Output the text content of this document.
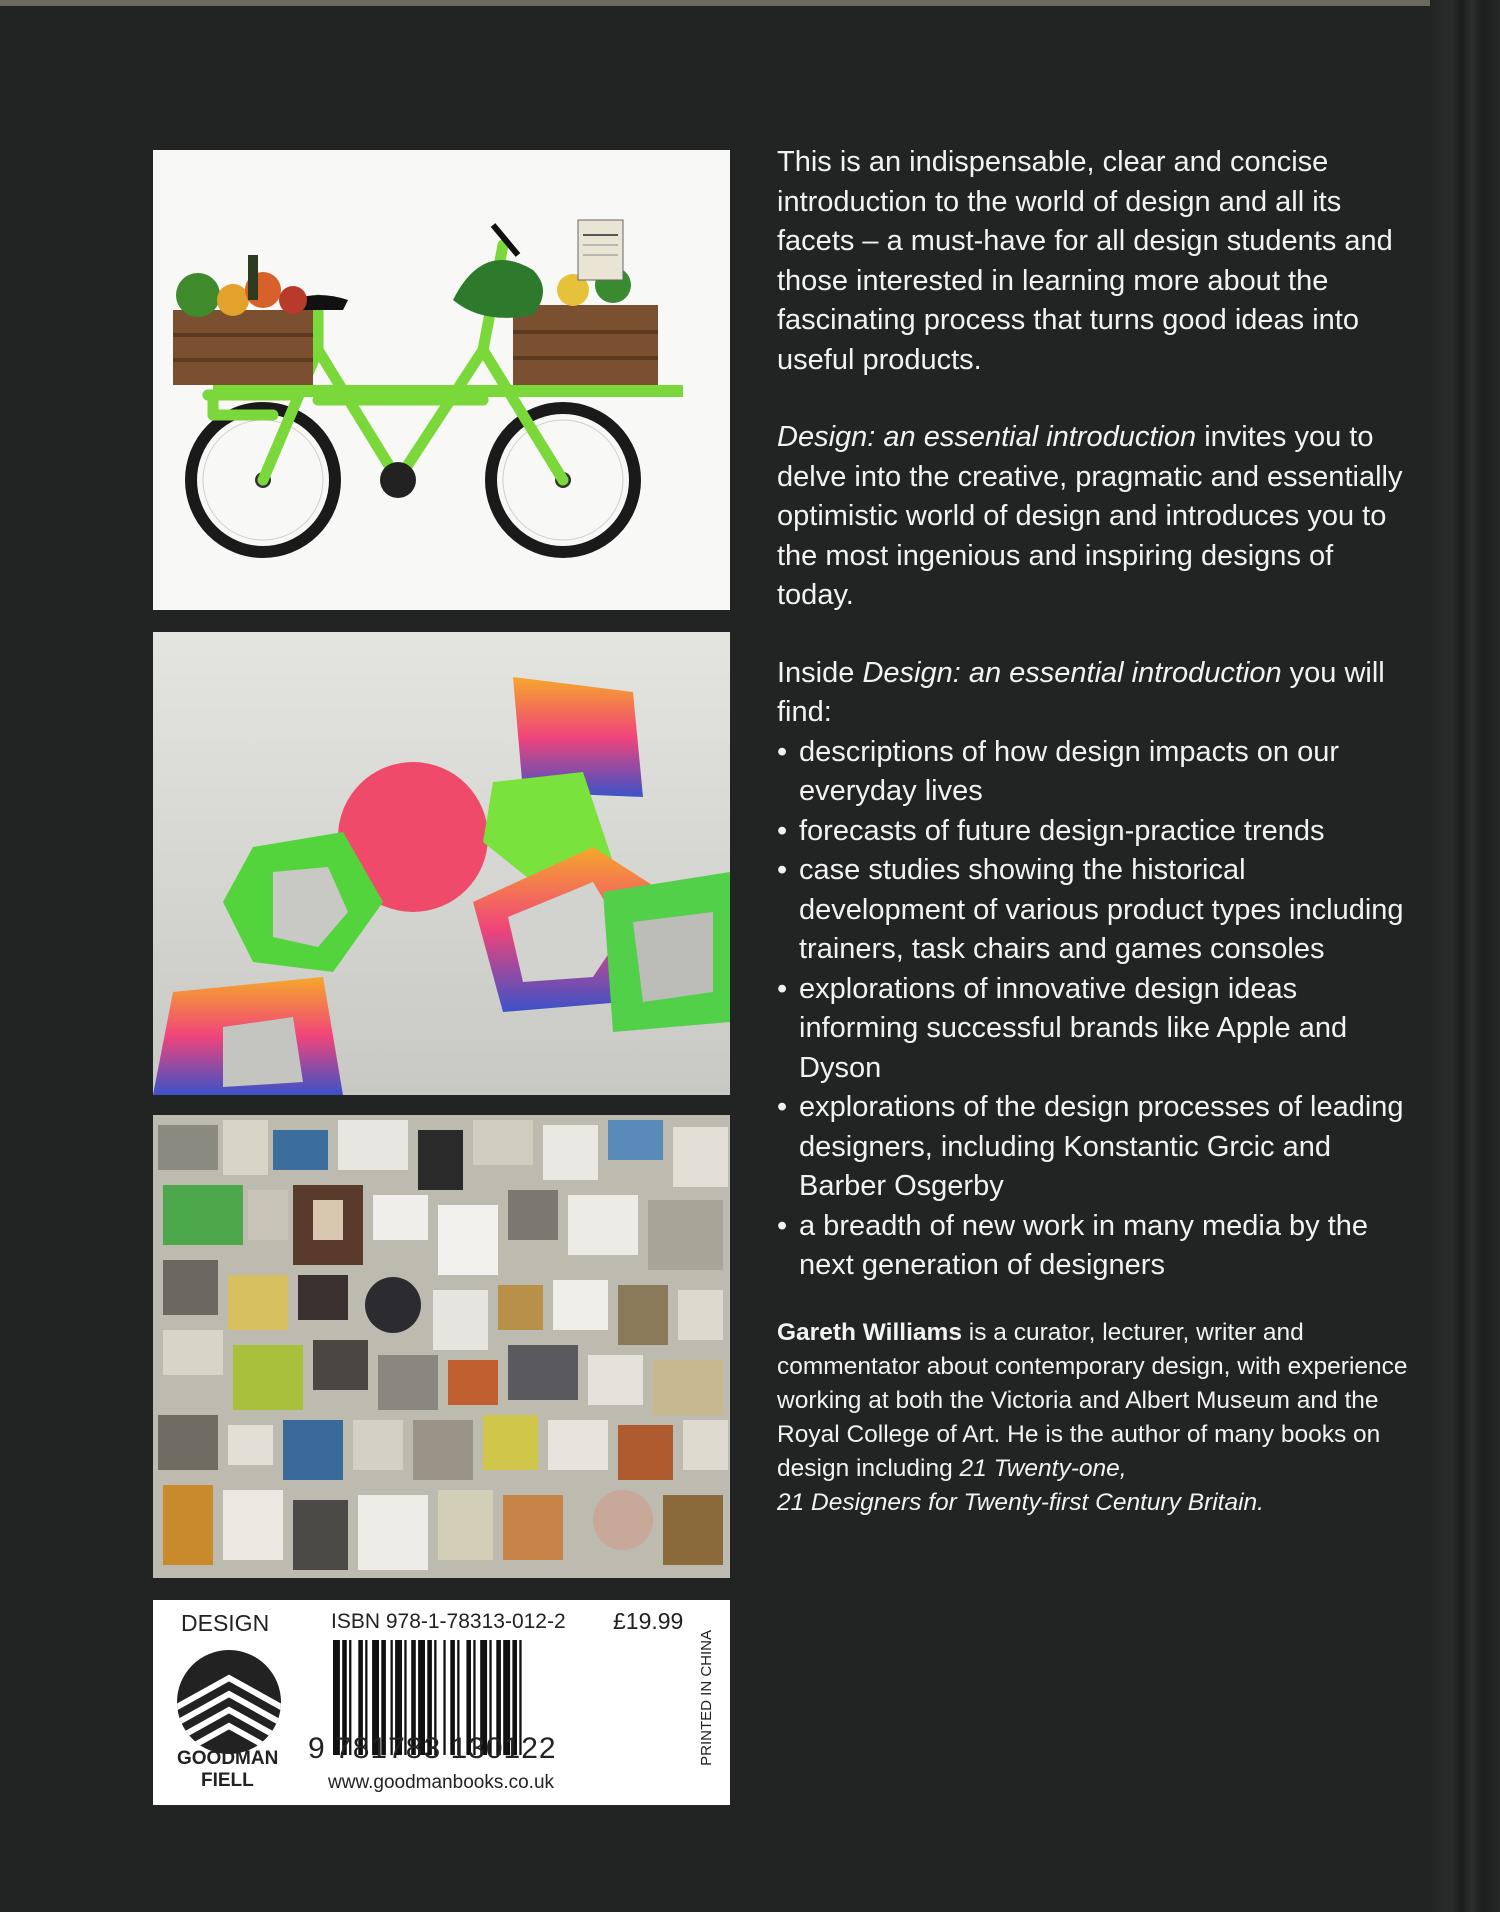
This is an indispensable, clear and concise introduction to the world of design and all its facets – a must-have for all design students and those interested in learning more about the fascinating process that turns good ideas into useful products.

Design: an essential introduction invites you to delve into the creative, pragmatic and essentially optimistic world of design and introduces you to the most ingenious and inspiring designs of today.

Inside Design: an essential introduction you will find:

• descriptions of how design impacts on our everyday lives
• forecasts of future design-practice trends
• case studies showing the historical development of various product types including trainers, task chairs and games consoles
• explorations of innovative design ideas informing successful brands like Apple and Dyson
• explorations of the design processes of leading designers, including Konstantic Grcic and Barber Osgerby
• a breadth of new work in many media by the next generation of designers
Gareth Williams is a curator, lecturer, writer and commentator about contemporary design, with experience working at both the Victoria and Albert Museum and the Royal College of Art. He is the author of many books on design including 21 Twenty-one,
21 Designers for Twenty-first Century Britain.
DESIGN
GOODMAN
FIELL
ISBN 978-1-78313-012-2 £19.99
9 781783 130122
www.goodmanbooks.co.uk
PRINTED IN CHINA
